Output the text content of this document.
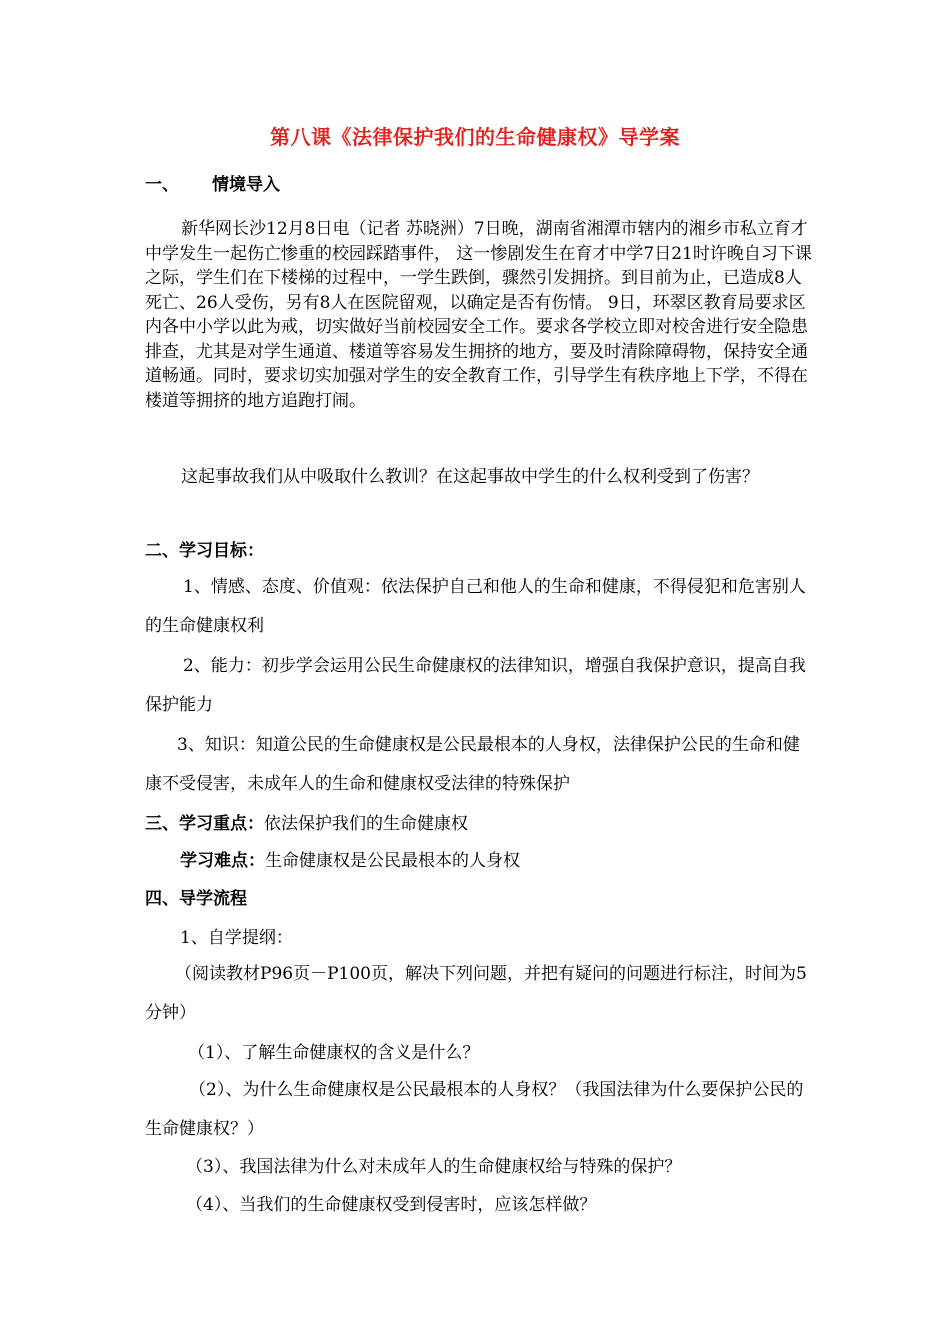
第八课《法律保护我们的生命健康权》导学案
一、 情境导入
新华网长沙12月8日电（记者 苏晓洲）7日晚，湖南省湘潭市辖内的湘乡市私立育才中学发生一起伤亡惨重的校园踩踏事件， 这一惨剧发生在育才中学7日21时许晚自习下课之际，学生们在下楼梯的过程中，一学生跌倒，骤然引发拥挤。到目前为止，已造成8人死亡、26人受伤，另有8人在医院留观，以确定是否有伤情。 9日，环翠区教育局要求区内各中小学以此为戒，切实做好当前校园安全工作。要求各学校立即对校舍进行安全隐患排查，尤其是对学生通道、楼道等容易发生拥挤的地方，要及时清除障碍物，保持安全通道畅通。同时，要求切实加强对学生的安全教育工作，引导学生有秩序地上下学，不得在楼道等拥挤的地方追跑打闹。
这起事故我们从中吸取什么教训？在这起事故中学生的什么权利受到了伤害？
二、学习目标：
1、情感、态度、价值观：依法保护自己和他人的生命和健康，不得侵犯和危害别人的生命健康权利
2、能力：初步学会运用公民生命健康权的法律知识，增强自我保护意识，提高自我保护能力
3、知识：知道公民的生命健康权是公民最根本的人身权，法律保护公民的生命和健康不受侵害，未成年人的生命和健康权受法律的特殊保护
三、学习重点：依法保护我们的生命健康权
学习难点：生命健康权是公民最根本的人身权
四、导学流程
1、自学提纲：
（阅读教材P96页－P100页，解决下列问题，并把有疑问的问题进行标注，时间为5分钟）
（1）、了解生命健康权的含义是什么？
（2）、为什么生命健康权是公民最根本的人身权？（我国法律为什么要保护公民的生命健康权？）
（3）、我国法律为什么对未成年人的生命健康权给与特殊的保护？
（4）、当我们的生命健康权受到侵害时，应该怎样做？
